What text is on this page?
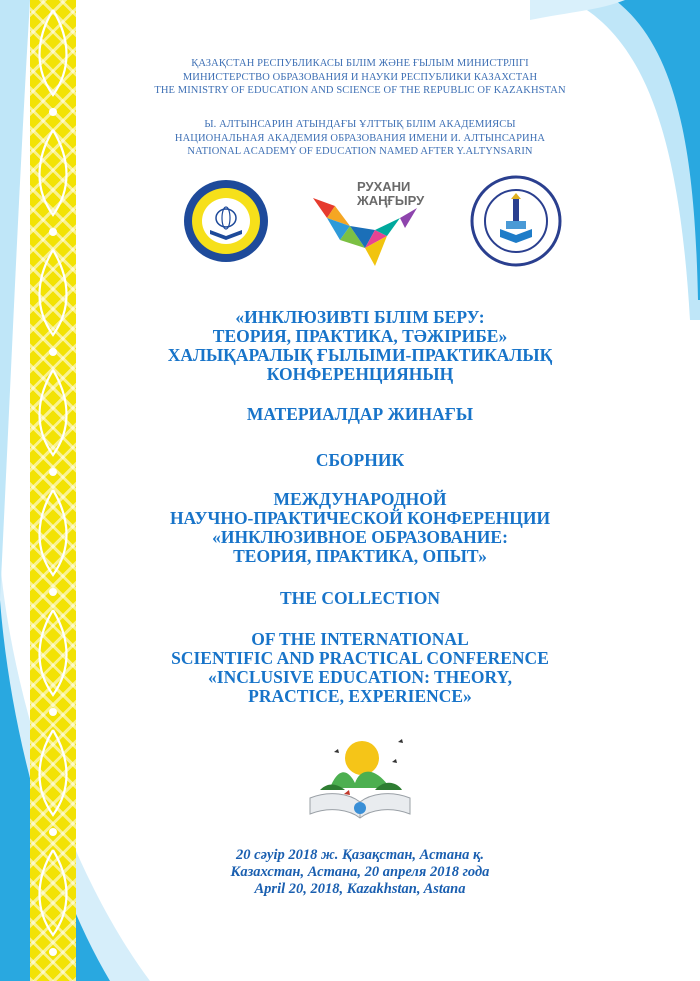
ҚАЗАҚСТАН РЕСПУБЛИКАСЫ БІЛІМ ЖӘНЕ ҒЫЛЫМ МИНИСТРЛІГІ
МИНИСТЕРСТВО ОБРАЗОВАНИЯ И НАУКИ РЕСПУБЛИКИ КАЗАХСТАН
THE MINISTRY OF EDUCATION AND SCIENCE OF THE REPUBLIC OF KAZAKHSTAN
Ы. АЛТЫНСАРИН АТЫНДАҒЫ ҰЛТТЫҚ БІЛІМ АКАДЕМИЯСЫ
НАЦИОНАЛЬНАЯ АКАДЕМИЯ ОБРАЗОВАНИЯ ИМЕНИ И. АЛТЫНСАРИНА
NATIONAL ACADEMY OF EDUCATION NAMED AFTER Y.ALTYNSARIN
РУХАНИ
ЖАҢҒЫРУ
«ИНКЛЮЗИВТІ БІЛІМ БЕРУ:
ТЕОРИЯ, ПРАКТИКА, ТӘЖІРИБЕ»
ХАЛЫҚАРАЛЫҚ ҒЫЛЫМИ-ПРАКТИКАЛЫҚ
КОНФЕРЕНЦИЯНЫҢ
МАТЕРИАЛДАР ЖИНАҒЫ
СБОРНИК
МЕЖДУНАРОДНОЙ
НАУЧНО-ПРАКТИЧЕСКОЙ КОНФЕРЕНЦИИ
«ИНКЛЮЗИВНОЕ ОБРАЗОВАНИЕ:
ТЕОРИЯ, ПРАКТИКА, ОПЫТ»
THE COLLECTION
OF THE INTERNATIONAL
SCIENTIFIC AND PRACTICAL CONFERENCE
«INCLUSIVE EDUCATION: THEORY,
PRACTICE, EXPERIENCE»
20 сәуір 2018 ж. Қазақстан, Астана қ.
Казахстан, Астана, 20 апреля 2018 года
April 20, 2018, Kazakhstan, Astana
